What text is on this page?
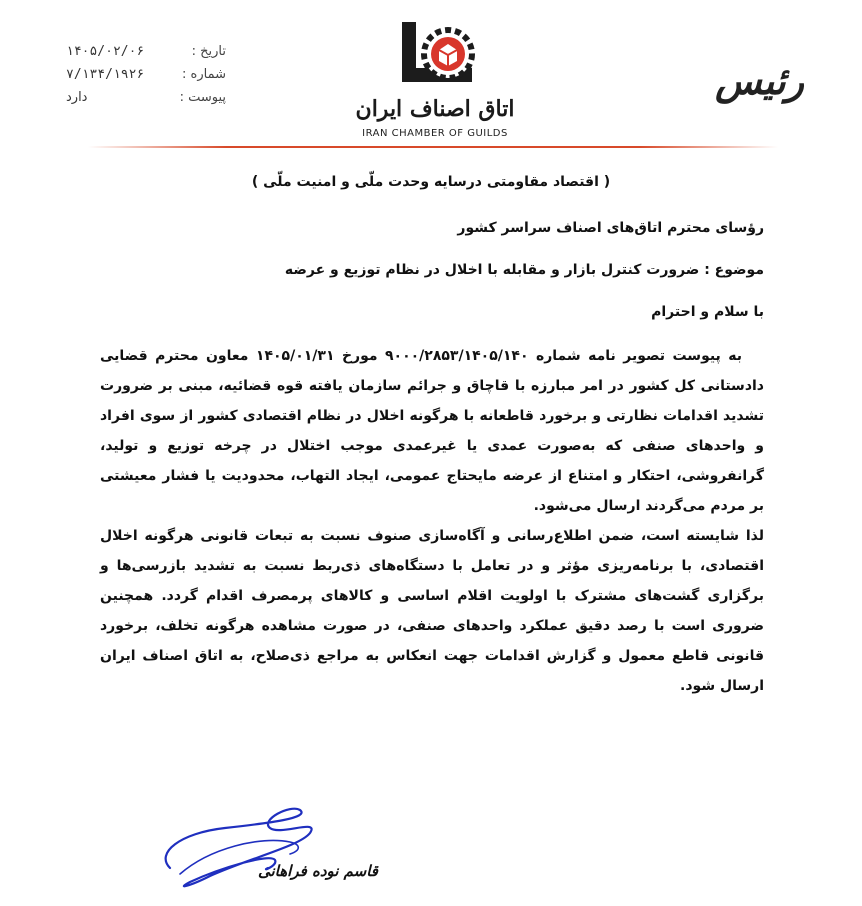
تاریخ :
۱۴۰۵/۰۲/۰۶
شماره :
۷/۱۳۴/۱۹۲۶
پیوست :
دارد	اتاق اصناف ایران
IRAN CHAMBER OF GUILDS
رئیس
( اقتصاد مقاومتی درسایه وحدت ملّی و امنیت ملّی )
رؤسای محترم اتاق‌های اصناف سراسر کشور
موضوع : ضرورت کنترل بازار و مقابله با اخلال در نظام توزیع و عرضه
با سلام و احترام

به پیوست تصویر نامه شماره ۹۰۰۰/۲۸۵۳/۱۴۰۵/۱۴۰ مورخ ۱۴۰۵/۰۱/۳۱ معاون محترم قضایی دادستانی کل کشور در امر مبارزه با قاچاق و جرائم سازمان یافته قوه قضائیه، مبنی بر ضرورت تشدید اقدامات نظارتی و برخورد قاطعانه با هرگونه اخلال در نظام اقتصادی کشور از سوی افراد و واحدهای صنفی که به‌صورت عمدی یا غیرعمدی موجب اختلال در چرخه توزیع و تولید، گرانفروشی، احتکار و امتناع از عرضه مایحتاج عمومی، ایجاد التهاب، محدودیت یا فشار معیشتی بر مردم می‌گردند ارسال می‌شود.

لذا شایسته است، ضمن اطلاع‌رسانی و آگاه‌سازی صنوف نسبت به تبعات قانونی هرگونه اخلال اقتصادی، با برنامه‌ریزی مؤثر و در تعامل با دستگاه‌های ذی‌ربط نسبت به تشدید بازرسی‌ها و برگزاری گشت‌های مشترک با اولویت اقلام اساسی و کالاهای پرمصرف اقدام گردد. همچنین ضروری است با رصد دقیق عملکرد واحدهای صنفی، در صورت مشاهده هرگونه تخلف، برخورد قانونی قاطع معمول و گزارش اقدامات جهت انعکاس به مراجع ذی‌صلاح، به اتاق اصناف ایران ارسال شود.

قاسم نوده فراهانی
